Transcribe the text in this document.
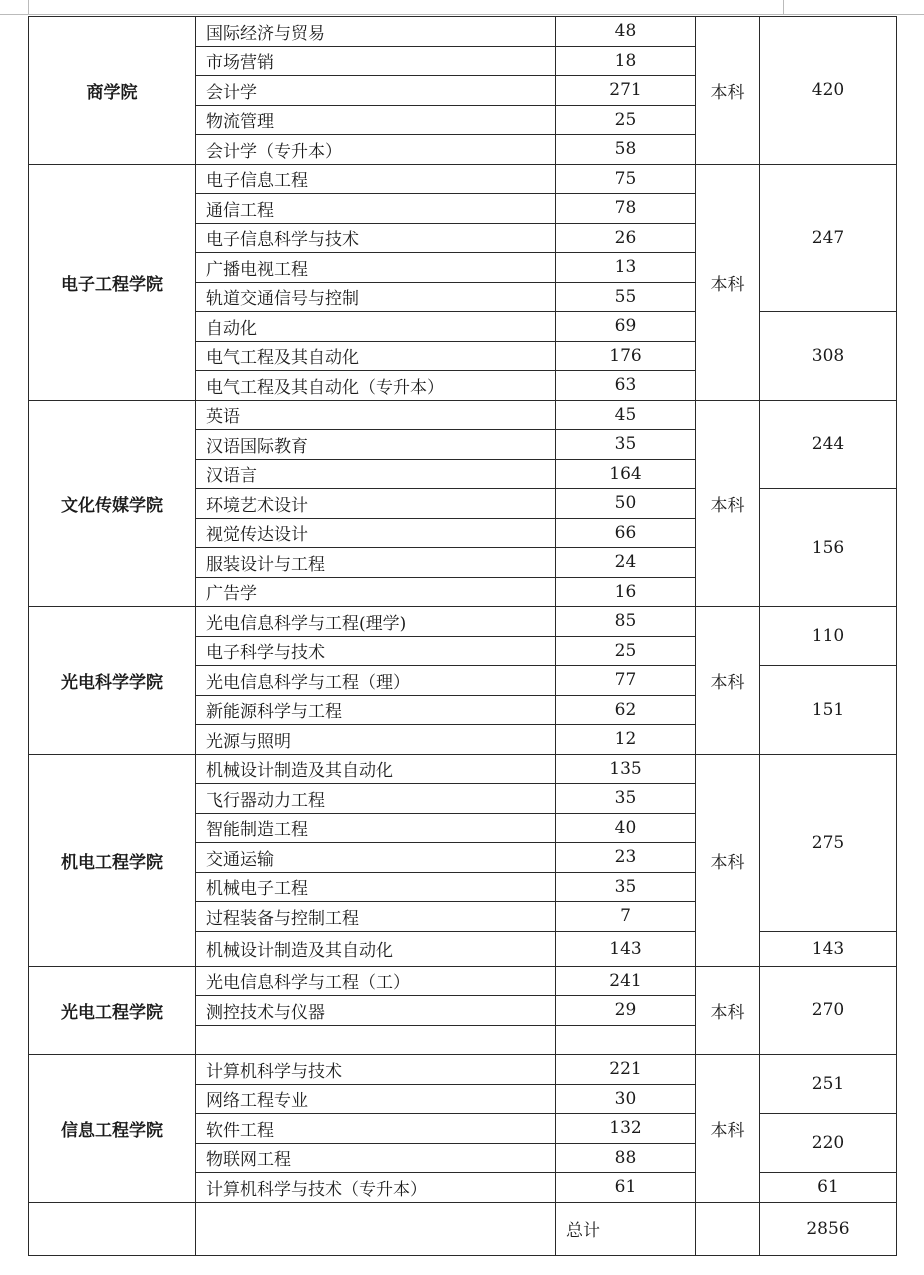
商学院	国际经济与贸易	48	本科	420
	市场营销	18		
	会计学	271		
	物流管理	25		
	会计学（专升本）	58		
电子工程学院	电子信息工程	75	本科	247
	通信工程	78		
	电子信息科学与技术	26		
	广播电视工程	13		
	轨道交通信号与控制	55		
	自动化	69		308
	电气工程及其自动化	176		
	电气工程及其自动化（专升本）	63		
文化传媒学院	英语	45	本科	244
	汉语国际教育	35		
	汉语言	164		
	环境艺术设计	50		156
	视觉传达设计	66		
	服装设计与工程	24		
	广告学	16		
光电科学学院	光电信息科学与工程(理学)	85	本科	110
	电子科学与技术	25		
	光电信息科学与工程（理）	77		151
	新能源科学与工程	62		
	光源与照明	12		
机电工程学院	机械设计制造及其自动化	135	本科	275
	飞行器动力工程	35		
	智能制造工程	40		
	交通运输	23		
	机械电子工程	35		
	过程装备与控制工程	7		
	机械设计制造及其自动化	143		143
光电工程学院	光电信息科学与工程（工）	241	本科	270
	测控技术与仪器	29		

信息工程学院	计算机科学与技术	221	本科	251
	网络工程专业	30		
	软件工程	132		220
	物联网工程	88		
	计算机科学与技术（专升本）	61		61
		总计		2856
